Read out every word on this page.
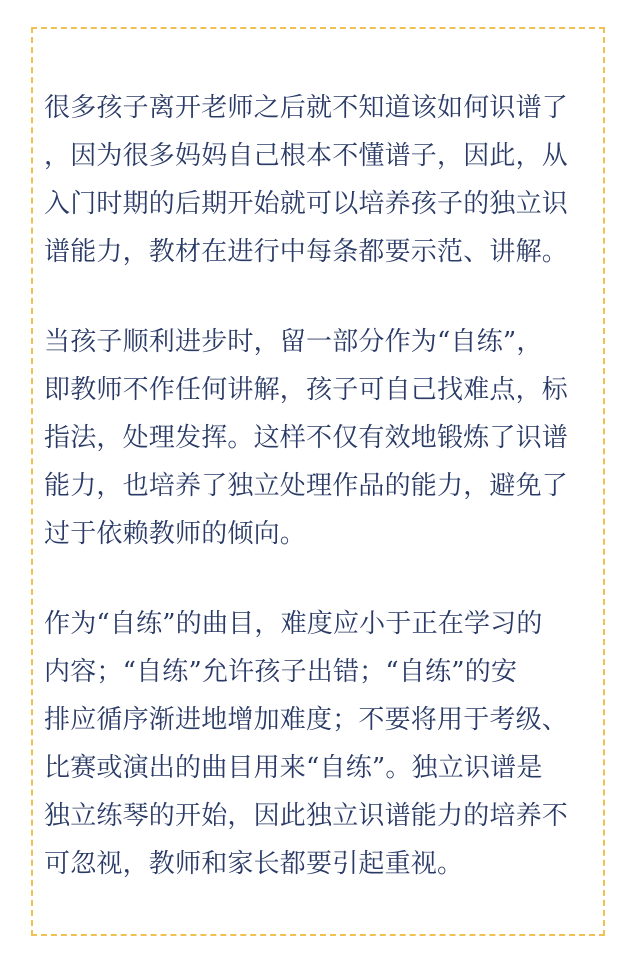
很多孩子离开老师之后就不知道该如何识谱了
，因为很多妈妈自己根本不懂谱子，因此，从
入门时期的后期开始就可以培养孩子的独立识
谱能力，教材在进行中每条都要示范、讲解。
当孩子顺利进步时，留一部分作为“自练”，
即教师不作任何讲解，孩子可自己找难点，标
指法，处理发挥。这样不仅有效地锻炼了识谱
能力，也培养了独立处理作品的能力，避免了
过于依赖教师的倾向。
作为“自练”的曲目，难度应小于正在学习的
内容；“自练”允许孩子出错；“自练”的安
排应循序渐进地增加难度；不要将用于考级、
比赛或演出的曲目用来“自练”。独立识谱是
独立练琴的开始，因此独立识谱能力的培养不
可忽视，教师和家长都要引起重视。
